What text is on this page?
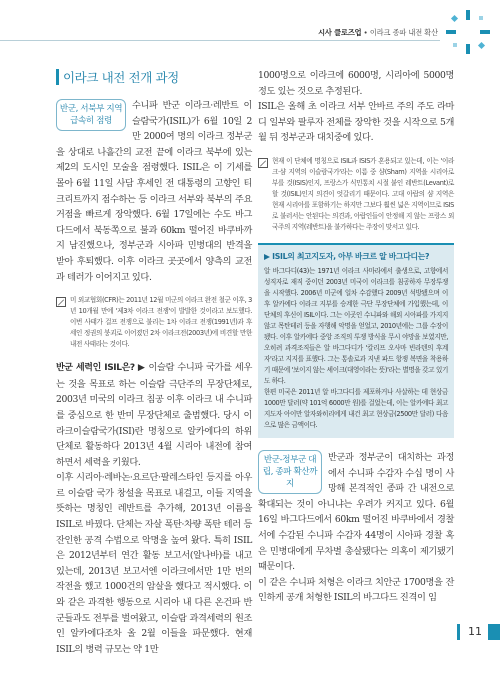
시사 클로즈업 • 이라크 종파 내전 확산
이라크 내전 전개 과정
반군, 서북부 지역 급속히 점령
수니파 반군 이라크·레반트 이슬람국가(ISIL)가 6월 10일 2만 2000여 명의 이라크 정부군을 상대로 나흘간의 교전 끝에 이라크 북부에 있는 제2의 도시인 모술을 점령했다. ISIL은 이 기세를 몰아 6월 11일 사담 후세인 전 대통령의 고향인 티크리트까지 점수하는 등 이라크 서부와 북부의 주요 거점을 빠르게 장악했다. 6월 17일에는 수도 바그다드에서 북동쪽으로 불과 60km 떨어진 바쿠바까지 남진했으나, 정부군과 시아파 민병대의 반격을 받아 후퇴했다. 이후 이라크 곳곳에서 양측의 교전과 테러가 이어지고 있다.
미 외교협회(CFR)는 2011년 12월 미군의 이라크 완전 철군 이후, 3년 10개월 만에 '제3차 이라크 전쟁'이 발발한 것이라고 보도했다. 이번 사태가 걸프 전쟁으로 불리는 1차 이라크 전쟁(1991년)과 후세인 정권의 붕괴로 이어졌던 2차 이라크전(2003년)에 비견할 만한 내전 사태라는 것이다.
반군 세력인 ISIL은? ▶ 이슬람 수니파 국가를 세우는 것을 목표로 하는 이슬람 극단주의 무장단체로, 2003년 미국의 이라크 침공 이후 이라크 내 수니파를 중심으로 한 반미 무장단체로 출범했다. 당시 이라크이슬람국가(ISI)란 명칭으로 알카에다의 하위 단체로 활동하다 2013년 4월 시리아 내전에 참여하면서 세력을 키웠다.
이후 시리아·레바논·요르단·팔레스타인 등지를 아우르 이슬람 국가 창설을 목표로 내걸고, 이들 지역을 뜻하는 명칭인 레반트를 추가해, 2013년 이름을 ISIL로 바꿨다. 단체는 자살 폭탄·차량 폭탄 테러 등 잔인한 공격 수법으로 악명을 높여 왔다. 특히 ISIL은 2012년부터 연간 활동 보고서(알나바)를 내고 있는데, 2013년 보고서엔 이라크에서만 1만 번의 작전을 했고 1000건의 암살을 했다고 적시했다. 이와 같은 과격한 행동으로 시리아 내 다른 온건파 반군들과도 전투를 벌여왔고, 이슬람 과격세력의 원조인 알카에다조차 올 2월 이들을 파문했다. 현재 ISIL의 병력 규모는 약 1만
1000명으로 이라크에 6000명, 시리아에 5000명 정도 있는 것으로 추정된다.
ISIL은 올해 초 이라크 서부 안바르 주의 주도 라마디 일부와 팔루자 전체를 장악한 것을 시작으로 5개월 뒤 정부군과 대치중에 있다.
현재 이 단체에 명칭으로 ISIL과 ISIS가 혼용되고 있는데, 이는 '이라크·샴 지역의 이슬람국가'라는 이름 중 샴(Sham) 지역을 시리아로 부를 것(ISIS)인지, 프랑스가 식민통치 시절 붙인 레반트(Levant)로 할 것(ISIL)인지 의견이 엇갈리기 때문이다. 고대 아랍의 샴 지역은 현재 시리아를 포함하기는 하지만 그보다 훨씬 넓은 지역이므로 ISIS로 불러서는 안된다는 의견과, 아랍인들이 안정해 지 않는 프랑스 외국주의 지역(레반트)을 불가하다는 주장이 맞서고 있다.
▶ ISIL의 최고지도자, 아부 바크르 알 바그다디는?
알 바그다디(43)는 1971년 이라크 사마라에서 출생으로, 고향에서 성직자로 재직 중이던 2003년 미국이 이라크를 침공하자 무장투쟁을 시작했다. 2006년 미군에 일차 수감했다 2009년 석방됐으며 이후 알카에다 이라크 지부를 승계한 극단 무장단체에 가입했는데, 이 단체의 후신이 ISIL이다. 그는 이곳인 수니파와 해외 시아파를 가지지 않고 목탄테러 등을 자행해 악명을 얻었고, 2010년에는 그룹 수장이 됐다. 이후 알카에다 중앙 조직의 투쟁 방식을 무시 야망을 보였지만, 오히려 과격조직들은 알 바그다디가 '칼리프 오사마 빈라덴의 후계자'라고 지지를 표했다. 그는 통솔로과 지낸 파드 항쟁 복면을 착용하기 때문에 '보이지 않는 셰이크(대영이라는 뜻)'라는 별명을 갖고 있기도 하다.
한편 미국은 2011년 알 바그다디를 제포하거나 사살하는 데 현상금 1000만 달러(약 101억 6000만 원)를 걸었는데, 이는 알카에다 최고지도자 아이만 알자와히리에게 내건 최고 현상금(2500만 달러) 다음으로 많은 금액이다.
반군-정부군 대립, 종파 확산까지
반군과 정부군이 대치하는 과정에서 수니파 수감자 수십 명이 사망해 본격적인 종파 간 내전으로 확대되는 것이 아니냐는 우려가 커지고 있다. 6월 16일 바그다드에서 60km 떨어진 바쿠바에서 경찰서에 수감된 수니파 수감자 44명이 시아파 경찰 혹은 민병대에게 무차별 총살됐다는 의혹이 제기됐기 때문이다.
이 같은 수니파 처형은 이라크 치안군 1700명을 잔인하게 공개 처형한 ISIL의 바그다드 진격이 임
11
